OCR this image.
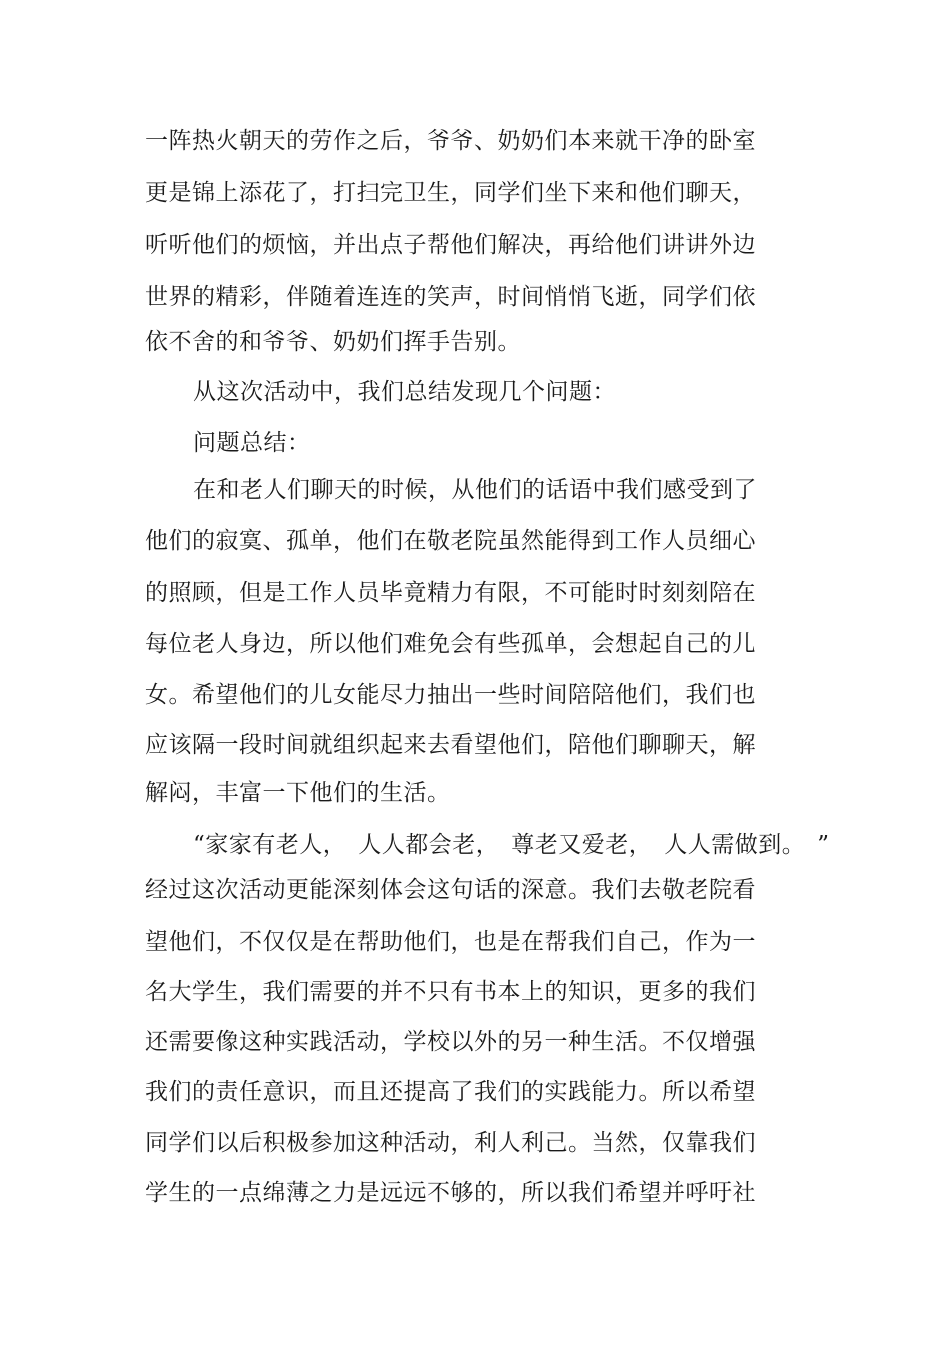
一阵热火朝天的劳作之后，爷爷、奶奶们本来就干净的卧室
更是锦上添花了，打扫完卫生，同学们坐下来和他们聊天，
听听他们的烦恼，并出点子帮他们解决，再给他们讲讲外边
世界的精彩，伴随着连连的笑声，时间悄悄飞逝，同学们依
依不舍的和爷爷、奶奶们挥手告别。
从这次活动中，我们总结发现几个问题：
问题总结：
在和老人们聊天的时候，从他们的话语中我们感受到了
他们的寂寞、孤单，他们在敬老院虽然能得到工作人员细心
的照顾，但是工作人员毕竟精力有限，不可能时时刻刻陪在
每位老人身边，所以他们难免会有些孤单，会想起自己的儿
女。希望他们的儿女能尽力抽出一些时间陪陪他们，我们也
应该隔一段时间就组织起来去看望他们，陪他们聊聊天，解
解闷，丰富一下他们的生活。
“家家有老人，　人人都会老，　尊老又爱老，　人人需做到。　”
经过这次活动更能深刻体会这句话的深意。我们去敬老院看
望他们，不仅仅是在帮助他们，也是在帮我们自己，作为一
名大学生，我们需要的并不只有书本上的知识，更多的我们
还需要像这种实践活动，学校以外的另一种生活。不仅增强
我们的责任意识，而且还提高了我们的实践能力。所以希望
同学们以后积极参加这种活动，利人利己。当然，仅靠我们
学生的一点绵薄之力是远远不够的，所以我们希望并呼吁社
